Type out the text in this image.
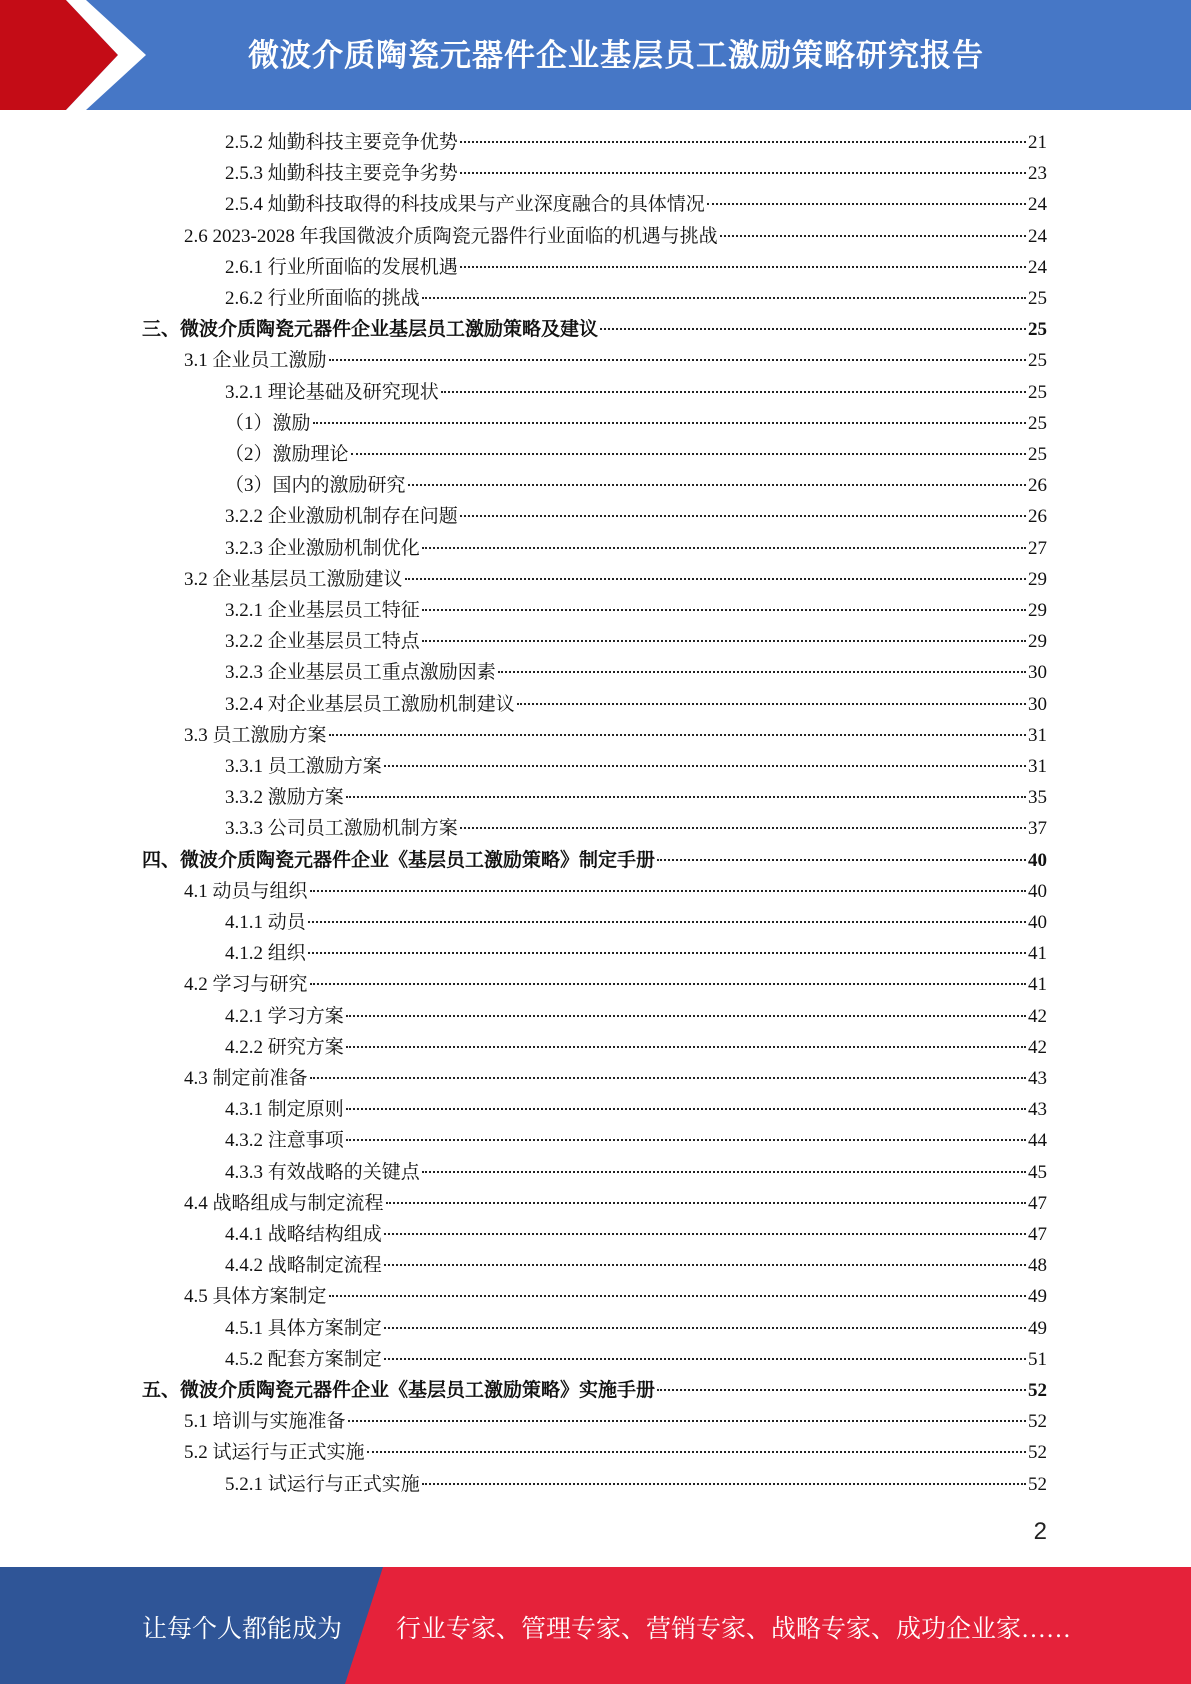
微波介质陶瓷元器件企业基层员工激励策略研究报告
2.5.2 灿勤科技主要竞争优势	21
2.5.3 灿勤科技主要竞争劣势	23
2.5.4 灿勤科技取得的科技成果与产业深度融合的具体情况	24
2.6 2023-2028 年我国微波介质陶瓷元器件行业面临的机遇与挑战	24
2.6.1 行业所面临的发展机遇	24
2.6.2 行业所面临的挑战	25
三、微波介质陶瓷元器件企业基层员工激励策略及建议	25
3.1 企业员工激励	25
3.2.1 理论基础及研究现状	25
（1）激励	25
（2）激励理论	25
（3）国内的激励研究	26
3.2.2 企业激励机制存在问题	26
3.2.3 企业激励机制优化	27
3.2 企业基层员工激励建议	29
3.2.1 企业基层员工特征	29
3.2.2 企业基层员工特点	29
3.2.3 企业基层员工重点激励因素	30
3.2.4 对企业基层员工激励机制建议	30
3.3 员工激励方案	31
3.3.1 员工激励方案	31
3.3.2 激励方案	35
3.3.3 公司员工激励机制方案	37
四、微波介质陶瓷元器件企业《基层员工激励策略》制定手册	40
4.1 动员与组织	40
4.1.1 动员	40
4.1.2 组织	41
4.2 学习与研究	41
4.2.1 学习方案	42
4.2.2 研究方案	42
4.3 制定前准备	43
4.3.1 制定原则	43
4.3.2 注意事项	44
4.3.3 有效战略的关键点	45
4.4 战略组成与制定流程	47
4.4.1 战略结构组成	47
4.4.2 战略制定流程	48
4.5 具体方案制定	49
4.5.1 具体方案制定	49
4.5.2 配套方案制定	51
五、微波介质陶瓷元器件企业《基层员工激励策略》实施手册	52
5.1 培训与实施准备	52
5.2 试运行与正式实施	52
5.2.1 试运行与正式实施	52
2
让每个人都能成为 行业专家、管理专家、营销专家、战略专家、成功企业家……
